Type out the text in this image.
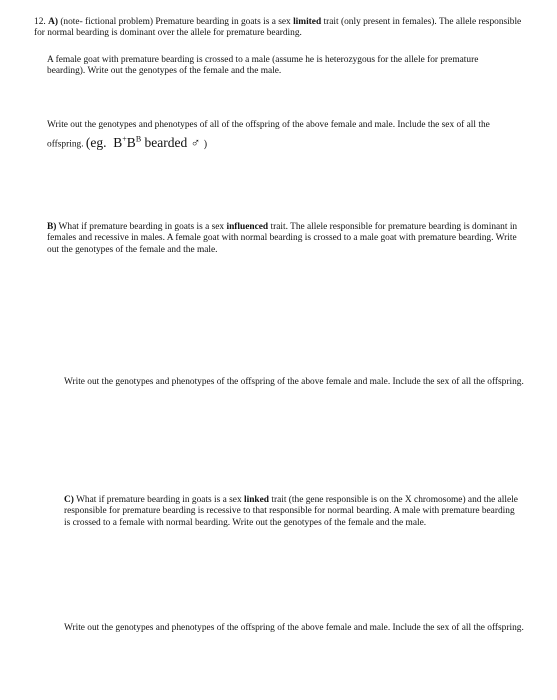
12. A) (note- fictional problem) Premature bearding in goats is a sex limited trait (only present in females). The allele responsible for normal bearding is dominant over the allele for premature bearding.

A female goat with premature bearding is crossed to a male (assume he is heterozygous for the allele for premature bearding). Write out the genotypes of the female and the male.

Write out the genotypes and phenotypes of all of the offspring of the above female and male. Include the sex of all the offspring. (eg. $B^+B^B$ bearded ♂ )

B) What if premature bearding in goats is a sex influenced trait. The allele responsible for premature bearding is dominant in females and recessive in males. A female goat with normal bearding is crossed to a male goat with premature bearding. Write out the genotypes of the female and the male.

Write out the genotypes and phenotypes of the offspring of the above female and male. Include the sex of all the offspring.

C) What if premature bearding in goats is a sex linked trait (the gene responsible is on the X chromosome) and the allele responsible for premature bearding is recessive to that responsible for normal bearding. A male with premature bearding is crossed to a female with normal bearding. Write out the genotypes of the female and the male.

Write out the genotypes and phenotypes of the offspring of the above female and male. Include the sex of all the offspring.
